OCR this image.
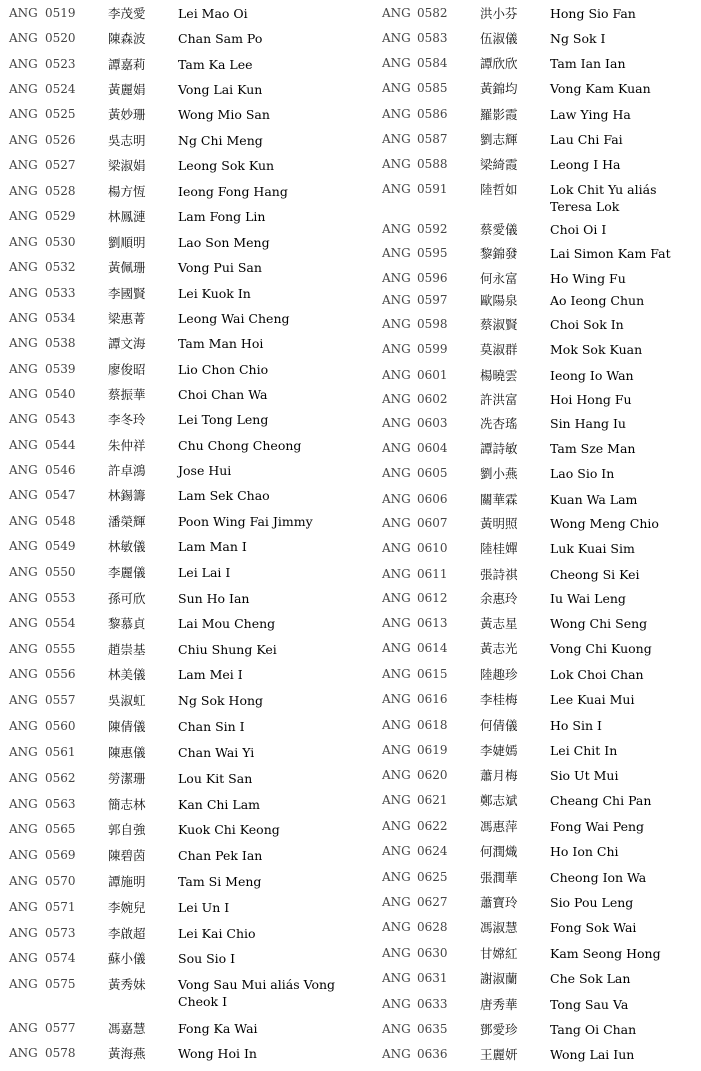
ANG 0519	李茂愛	Lei Mao Oi
ANG 0520	陳森波	Chan Sam Po
ANG 0523	譚嘉莉	Tam Ka Lee
ANG 0524	黃麗娟	Vong Lai Kun
ANG 0525	黃妙珊	Wong Mio San
ANG 0526	吳志明	Ng Chi Meng
ANG 0527	梁淑娟	Leong Sok Kun
ANG 0528	楊方恆	Ieong Fong Hang
ANG 0529	林鳳漣	Lam Fong Lin
ANG 0530	劉順明	Lao Son Meng
ANG 0532	黃佩珊	Vong Pui San
ANG 0533	李國賢	Lei Kuok In
ANG 0534	梁惠菁	Leong Wai Cheng
ANG 0538	譚文海	Tam Man Hoi
ANG 0539	廖俊昭	Lio Chon Chio
ANG 0540	蔡振華	Choi Chan Wa
ANG 0543	李冬玲	Lei Tong Leng
ANG 0544	朱仲祥	Chu Chong Cheong
ANG 0546	許卓鴻	Jose Hui
ANG 0547	林錫籌	Lam Sek Chao
ANG 0548	潘榮輝	Poon Wing Fai Jimmy
ANG 0549	林敏儀	Lam Man I
ANG 0550	李麗儀	Lei Lai I
ANG 0553	孫可欣	Sun Ho Ian
ANG 0554	黎慕貞	Lai Mou Cheng
ANG 0555	趙崇基	Chiu Shung Kei
ANG 0556	林美儀	Lam Mei I
ANG 0557	吳淑虹	Ng Sok Hong
ANG 0560	陳倩儀	Chan Sin I
ANG 0561	陳惠儀	Chan Wai Yi
ANG 0562	勞潔珊	Lou Kit San
ANG 0563	簡志林	Kan Chi Lam
ANG 0565	郭自強	Kuok Chi Keong
ANG 0569	陳碧茵	Chan Pek Ian
ANG 0570	譚施明	Tam Si Meng
ANG 0571	李婉兒	Lei Un I
ANG 0573	李啟超	Lei Kai Chio
ANG 0574	蘇小儀	Sou Sio I
ANG 0575	黃秀妹	Vong Sau Mui aliás Vong Cheok I
ANG 0577	馮嘉慧	Fong Ka Wai
ANG 0578	黃海燕	Wong Hoi In
ANG 0582	洪小芬	Hong Sio Fan
ANG 0583	伍淑儀	Ng Sok I
ANG 0584	譚欣欣	Tam Ian Ian
ANG 0585	黃錦均	Vong Kam Kuan
ANG 0586	羅影霞	Law Ying Ha
ANG 0587	劉志輝	Lau Chi Fai
ANG 0588	梁綺霞	Leong I Ha
ANG 0591	陸哲如	Lok Chit Yu aliás Teresa Lok
ANG 0592	蔡愛儀	Choi Oi I
ANG 0595	黎錦發	Lai Simon Kam Fat
ANG 0596	何永富	Ho Wing Fu
ANG 0597	歐陽泉	Ao Ieong Chun
ANG 0598	蔡淑賢	Choi Sok In
ANG 0599	莫淑群	Mok Sok Kuan
ANG 0601	楊曉雲	Ieong Io Wan
ANG 0602	許洪富	Hoi Hong Fu
ANG 0603	冼杏瑤	Sin Hang Iu
ANG 0604	譚詩敏	Tam Sze Man
ANG 0605	劉小燕	Lao Sio In
ANG 0606	關華霖	Kuan Wa Lam
ANG 0607	黃明照	Wong Meng Chio
ANG 0610	陸桂嬋	Luk Kuai Sim
ANG 0611	張詩祺	Cheong Si Kei
ANG 0612	余惠玲	Iu Wai Leng
ANG 0613	黃志星	Wong Chi Seng
ANG 0614	黃志光	Vong Chi Kuong
ANG 0615	陸趣珍	Lok Choi Chan
ANG 0616	李桂梅	Lee Kuai Mui
ANG 0618	何倩儀	Ho Sin I
ANG 0619	李婕嫣	Lei Chit In
ANG 0620	蕭月梅	Sio Ut Mui
ANG 0621	鄭志斌	Cheang Chi Pan
ANG 0622	馮惠萍	Fong Wai Peng
ANG 0624	何潤熾	Ho Ion Chi
ANG 0625	張潤華	Cheong Ion Wa
ANG 0627	蕭寶玲	Sio Pou Leng
ANG 0628	馮淑慧	Fong Sok Wai
ANG 0630	甘嫦紅	Kam Seong Hong
ANG 0631	謝淑蘭	Che Sok Lan
ANG 0633	唐秀華	Tong Sau Va
ANG 0635	鄧愛珍	Tang Oi Chan
ANG 0636	王麗妍	Wong Lai Iun
